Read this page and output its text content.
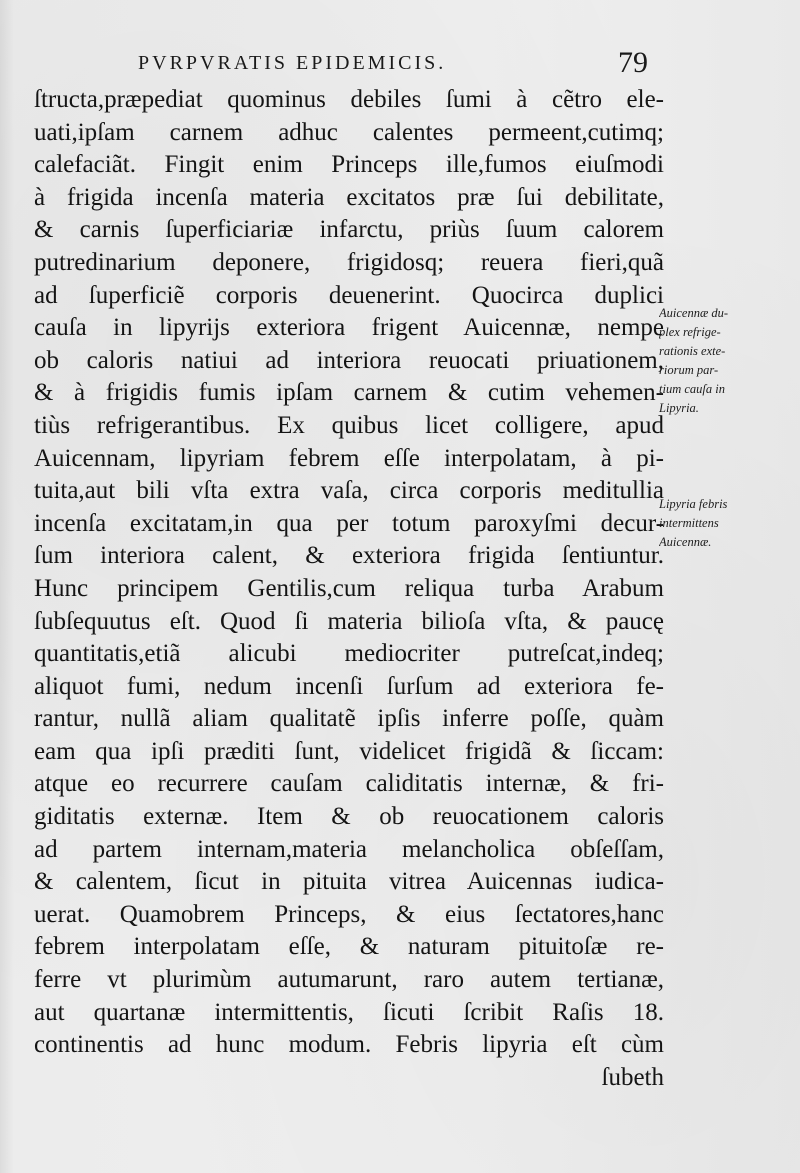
PVRPVRATIS EPIDEMICIS.	79
ſtructa,præpediat quominus debiles ſumi à cẽtro ele-
uati,ipſam carnem adhuc calentes permeent,cutimq;
calefaciãt. Fingit enim Princeps ille,fumos eiuſmodi
à frigida incenſa materia excitatos præ ſui debilitate,
& carnis ſuperficiariæ infarctu, priùs ſuum calorem
putredinarium deponere, frigidosq; reuera fieri,quã
ad ſuperficiẽ corporis deuenerint. Quocirca duplici
cauſa in lipyrijs exteriora frigent Auicennæ, nempe
ob caloris natiui ad interiora reuocati priuationem,
& à frigidis fumis ipſam carnem & cutim vehemen-
tiùs refrigerantibus. Ex quibus licet colligere, apud
Auicennam, lipyriam febrem eſſe interpolatam, à pi-
tuita,aut bili vſta extra vaſa, circa corporis meditullia
incenſa excitatam,in qua per totum paroxyſmi decur-
ſum interiora calent, & exteriora frigida ſentiuntur.
Hunc principem Gentilis,cum reliqua turba Arabum
ſubſequutus eſt. Quod ſi materia bilioſa vſta, & paucę
quantitatis,etiã alicubi mediocriter putreſcat,indeq;
aliquot fumi, nedum incenſi ſurſum ad exteriora fe-
rantur, nullã aliam qualitatẽ ipſis inferre poſſe, quàm
eam qua ipſi præditi ſunt, videlicet frigidã & ſiccam:
atque eo recurrere cauſam caliditatis internæ, & fri-
giditatis externæ. Item & ob reuocationem caloris
ad partem internam,materia melancholica obſeſſam,
& calentem, ſicut in pituita vitrea Auicennas iudica-
uerat. Quamobrem Princeps, & eius ſectatores,hanc
febrem interpolatam eſſe, & naturam pituitoſæ re-
ferre vt plurimùm autumarunt, raro autem tertianæ,
aut quartanæ intermittentis, ſicuti ſcribit Raſis 18.
continentis ad hunc modum. Febris lipyria eſt cùm
ſubeth
Auicennæ du-
plex refrige-
rationis exte-
riorum par-
tium cauſa in
Lipyria.
Lipyria febris
intermittens
Auicennæ.
